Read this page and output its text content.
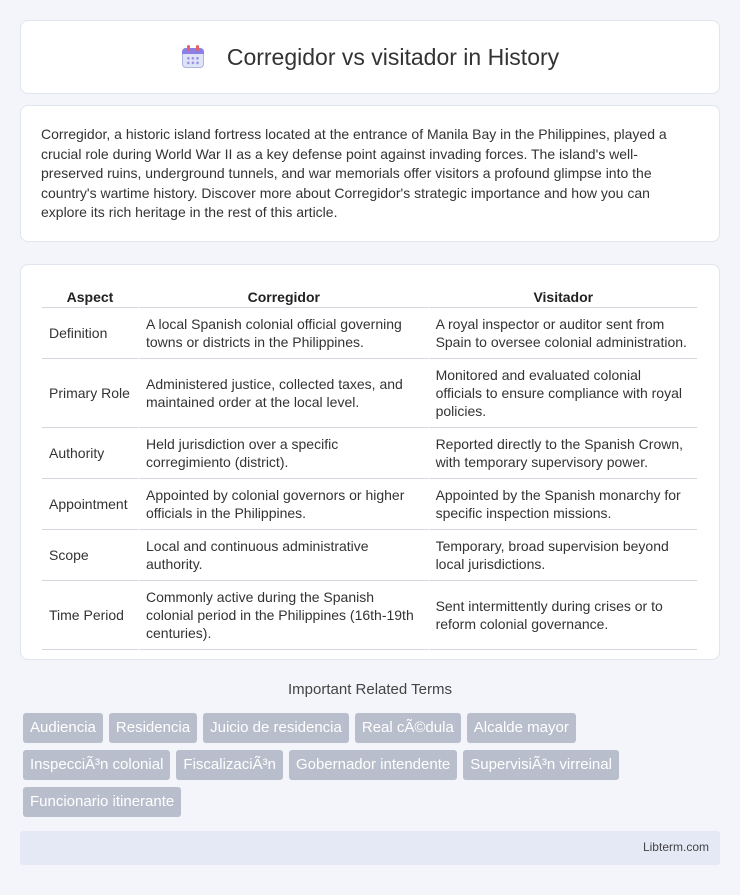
Corregidor vs visitador in History
Corregidor, a historic island fortress located at the entrance of Manila Bay in the Philippines, played a crucial role during World War II as a key defense point against invading forces. The island's well-preserved ruins, underground tunnels, and war memorials offer visitors a profound glimpse into the country's wartime history. Discover more about Corregidor's strategic importance and how you can explore its rich heritage in the rest of this article.
Aspect	Corregidor	Visitador
Definition	A local Spanish colonial official governing towns or districts in the Philippines.	A royal inspector or auditor sent from Spain to oversee colonial administration.
Primary Role	Administered justice, collected taxes, and maintained order at the local level.	Monitored and evaluated colonial officials to ensure compliance with royal policies.
Authority	Held jurisdiction over a specific corregimiento (district).	Reported directly to the Spanish Crown, with temporary supervisory power.
Appointment	Appointed by colonial governors or higher officials in the Philippines.	Appointed by the Spanish monarchy for specific inspection missions.
Scope	Local and continuous administrative authority.	Temporary, broad supervision beyond local jurisdictions.
Time Period	Commonly active during the Spanish colonial period in the Philippines (16th-19th centuries).	Sent intermittently during crises or to reform colonial governance.
Important Related Terms
Audiencia	Residencia	Juicio de residencia	Real cÃ©dula	Alcalde mayor
InspecciÃ³n colonial	FiscalizaciÃ³n	Gobernador intendente	SupervisiÃ³n virreinal
Funcionario itinerante
Libterm.com
